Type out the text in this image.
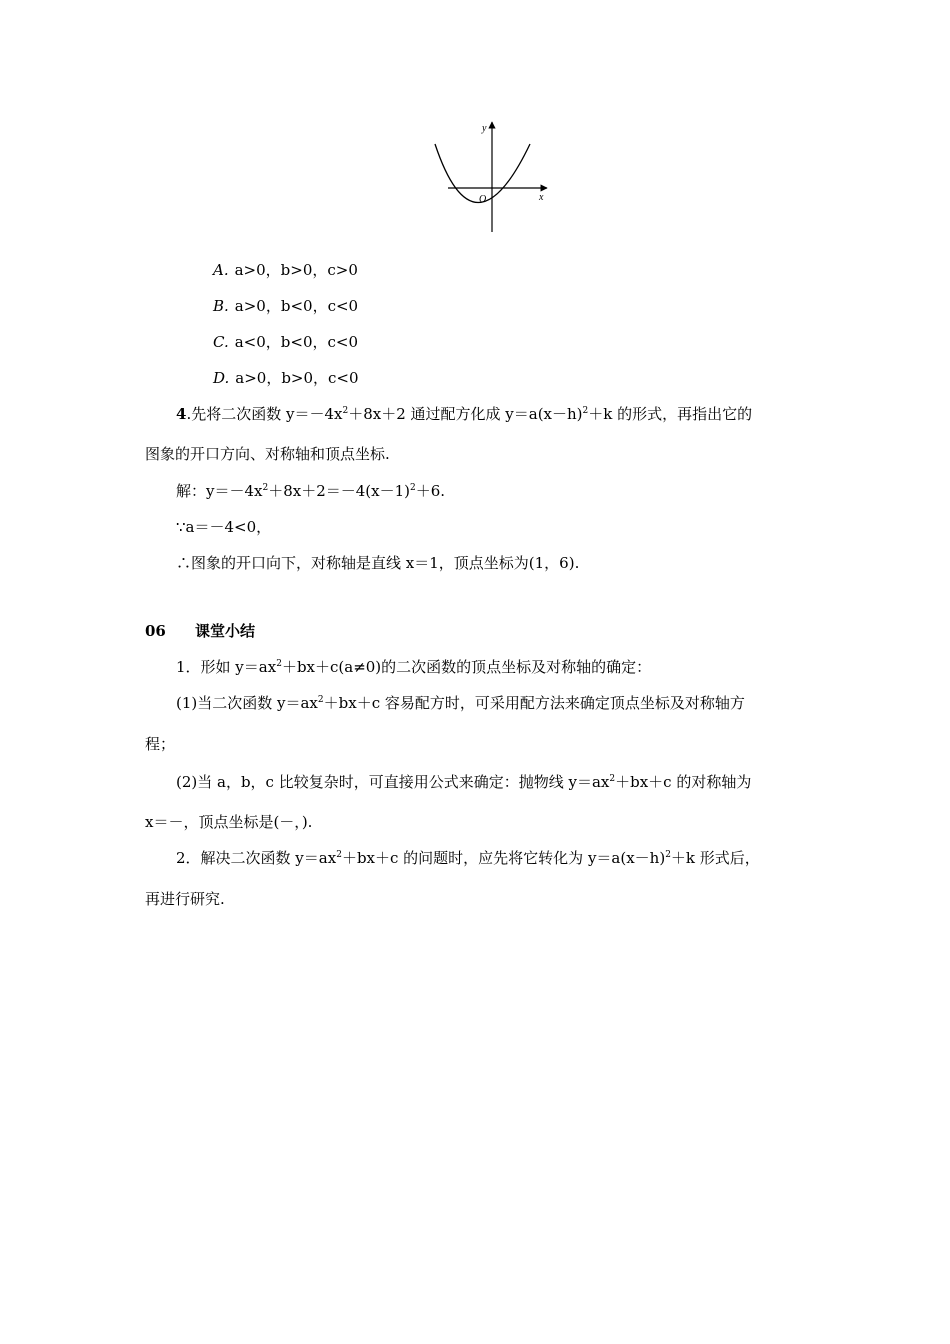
x
y
O
A. a>0，b>0，c>0
B. a>0，b<0，c<0
C. a<0，b<0，c<0
D. a>0，b>0，c<0
4.先将二次函数 $y=-4x^2+8x+2$ 通过配方化成 $y=a(x-h)^2+k$ 的形式，再指出它的
图象的开口方向、对称轴和顶点坐标.
解：$y=-4x^2+8x+2=-4(x-1)^2+6$.
∵a＝－4<0，
∴图象的开口向下，对称轴是直线 x＝1，顶点坐标为(1，6).
06 课堂小结
1．形如 $y=ax^2+bx+c(a\ne 0)$的二次函数的顶点坐标及对称轴的确定：
(1)当二次函数 $y=ax^2+bx+c$ 容易配方时，可采用配方法来确定顶点坐标及对称轴方
程；
(2)当 a，b，c 比较复杂时，可直接用公式来确定：抛物线 $y=ax^2+bx+c$ 的对称轴为
x＝－，顶点坐标是(－，).
2．解决二次函数 $y=ax^2+bx+c$ 的问题时，应先将它转化为 $y=a(x-h)^2+k$ 形式后，
再进行研究.
